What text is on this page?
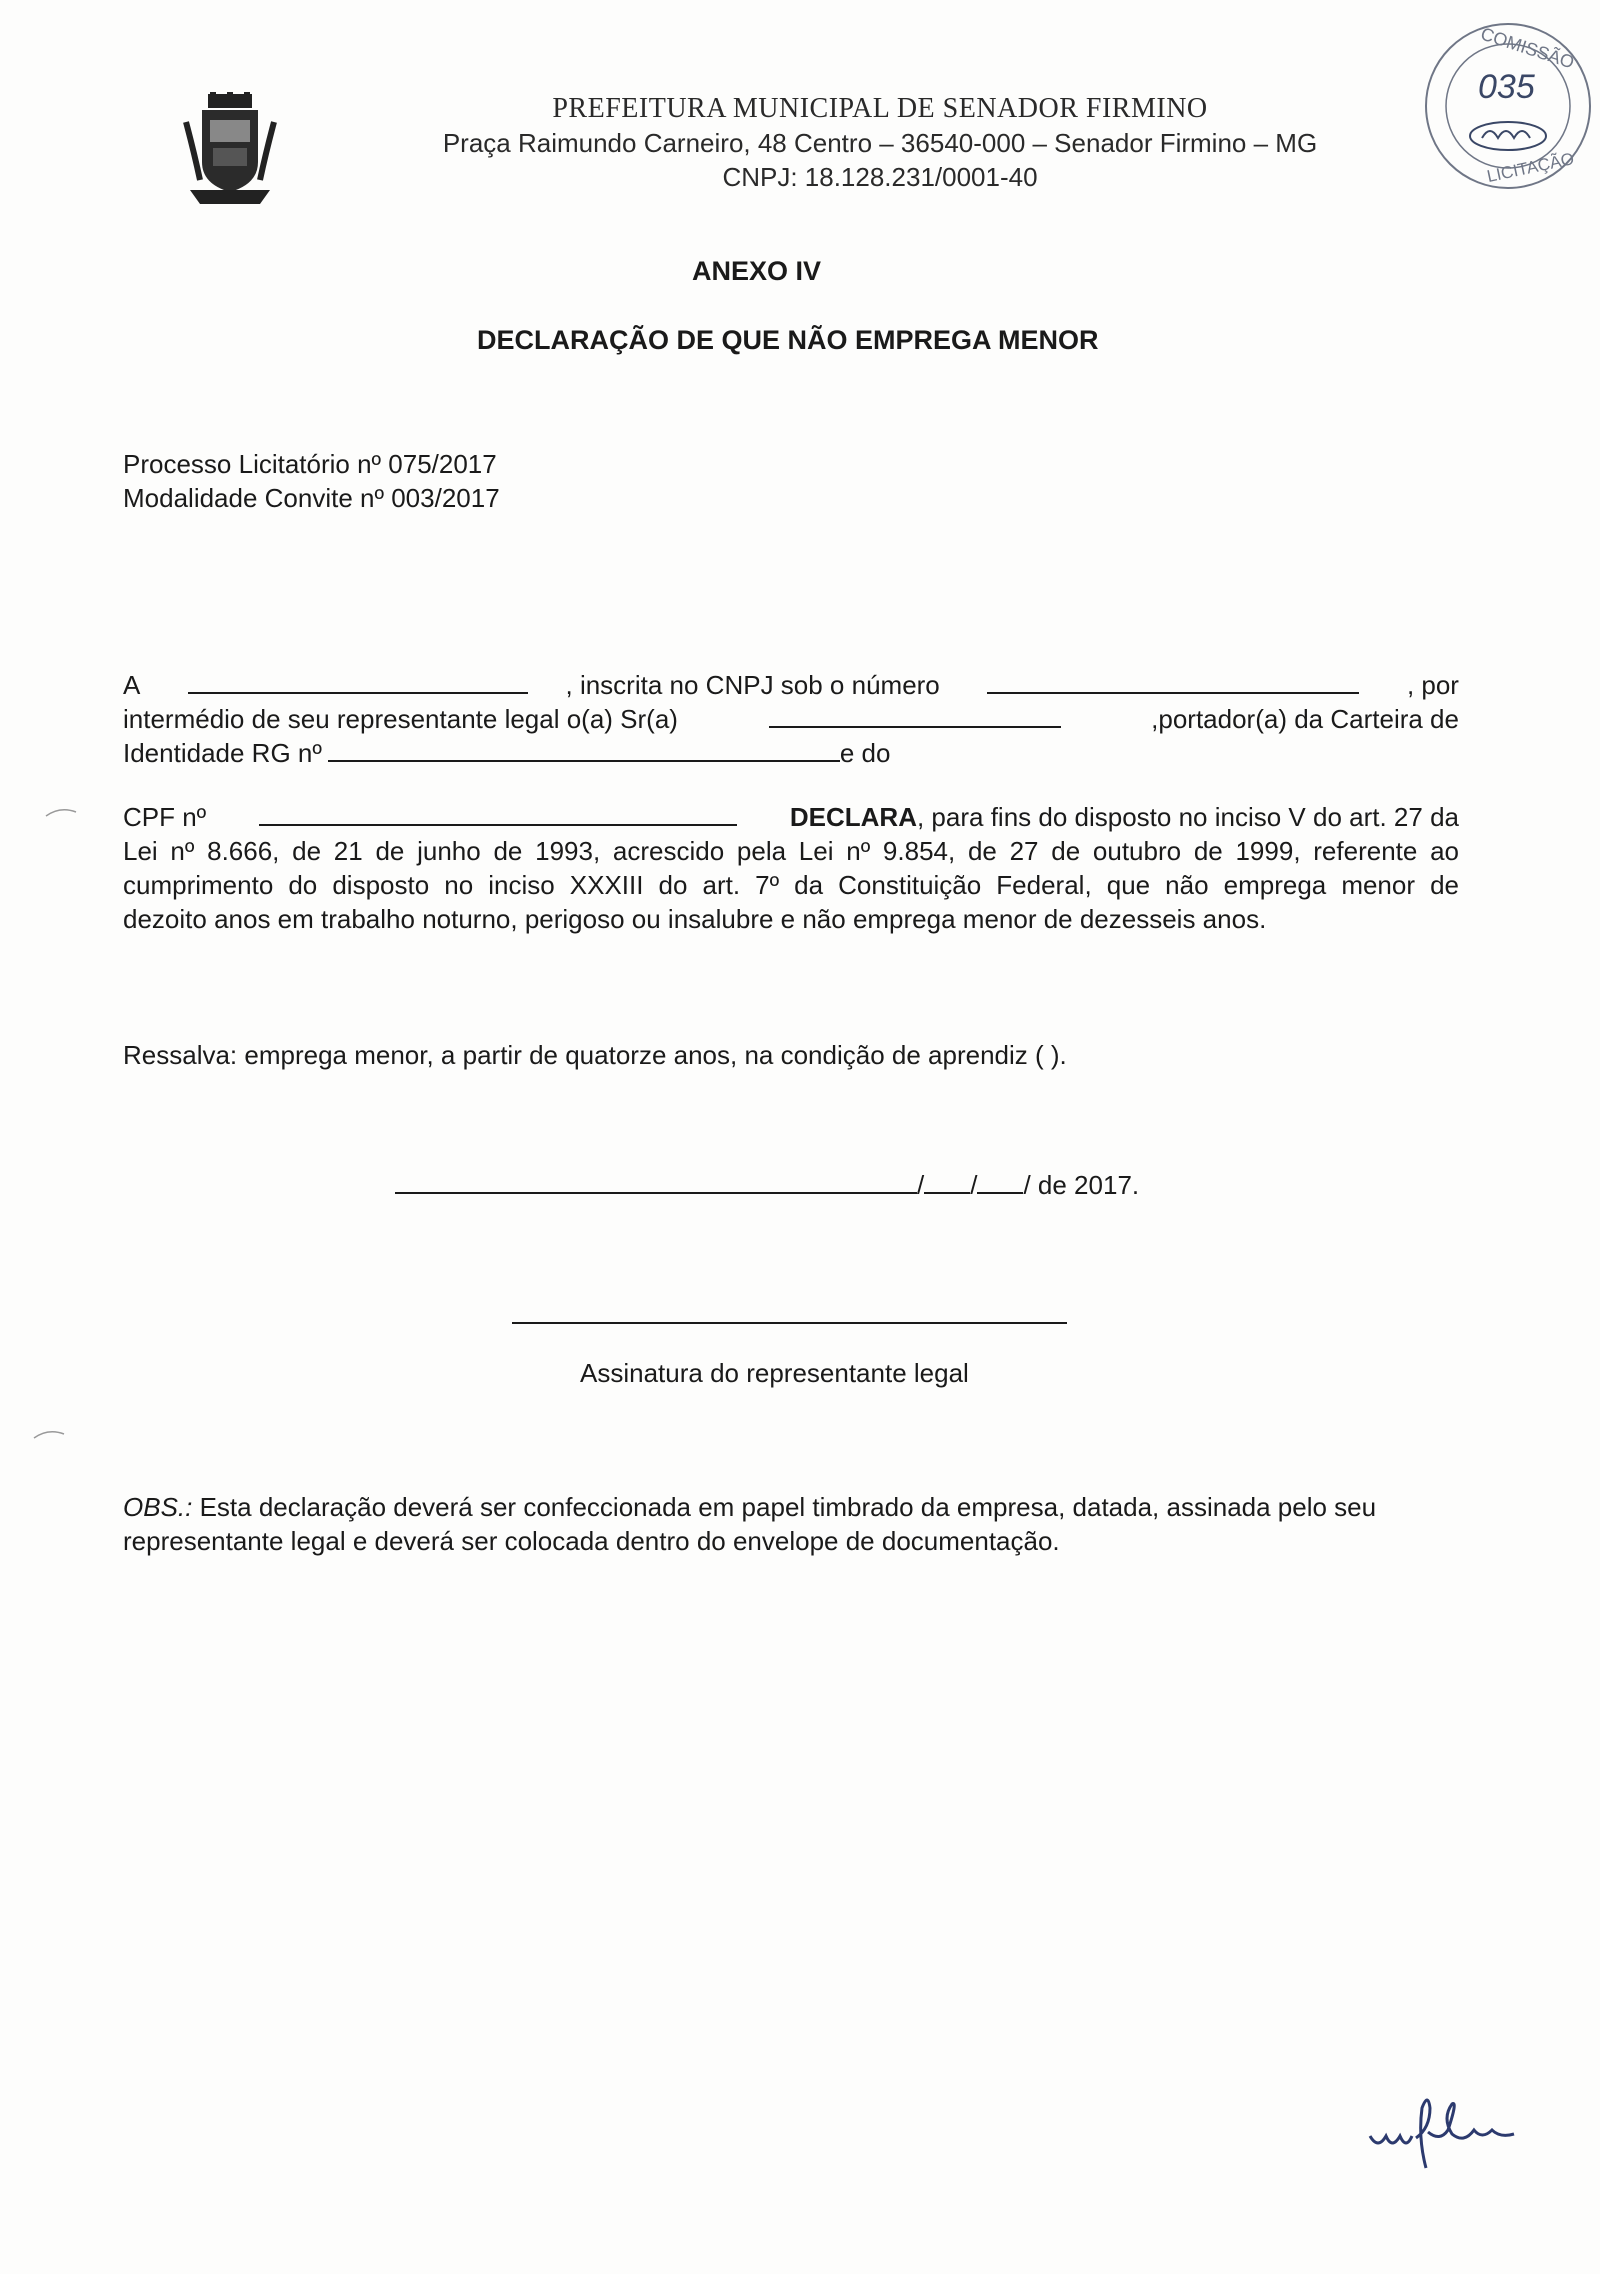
PREFEITURA MUNICIPAL DE SENADOR FIRMINO
Praça Raimundo Carneiro, 48 Centro – 36540-000 – Senador Firmino – MG
CNPJ: 18.128.231/0001-40
COMISSÃO
035
LICITAÇÃO
ANEXO IV
DECLARAÇÃO DE QUE NÃO EMPREGA MENOR
Processo Licitatório nº 075/2017
Modalidade Convite nº 003/2017
A	, inscrita no CNPJ sob o número	, por
intermédio de seu representante legal o(a) Sr(a)	,portador(a) da Carteira de
Identidade RG nº	e do
CPF nº	DECLARA, para fins do disposto no inciso V do art. 27 da
Lei nº 8.666, de 21 de junho de 1993, acrescido pela Lei nº 9.854, de 27 de outubro de 1999, referente ao
cumprimento do disposto no inciso XXXIII do art. 7º da Constituição Federal, que não emprega menor de
dezoito anos em trabalho noturno, perigoso ou insalubre e não emprega menor de dezesseis anos.
Ressalva: emprega menor, a partir de quatorze anos, na condição de aprendiz ( ).
/ / / de 2017.
Assinatura do representante legal
OBS.: Esta declaração deverá ser confeccionada em papel timbrado da empresa, datada, assinada pelo seu representante legal e deverá ser colocada dentro do envelope de documentação.
